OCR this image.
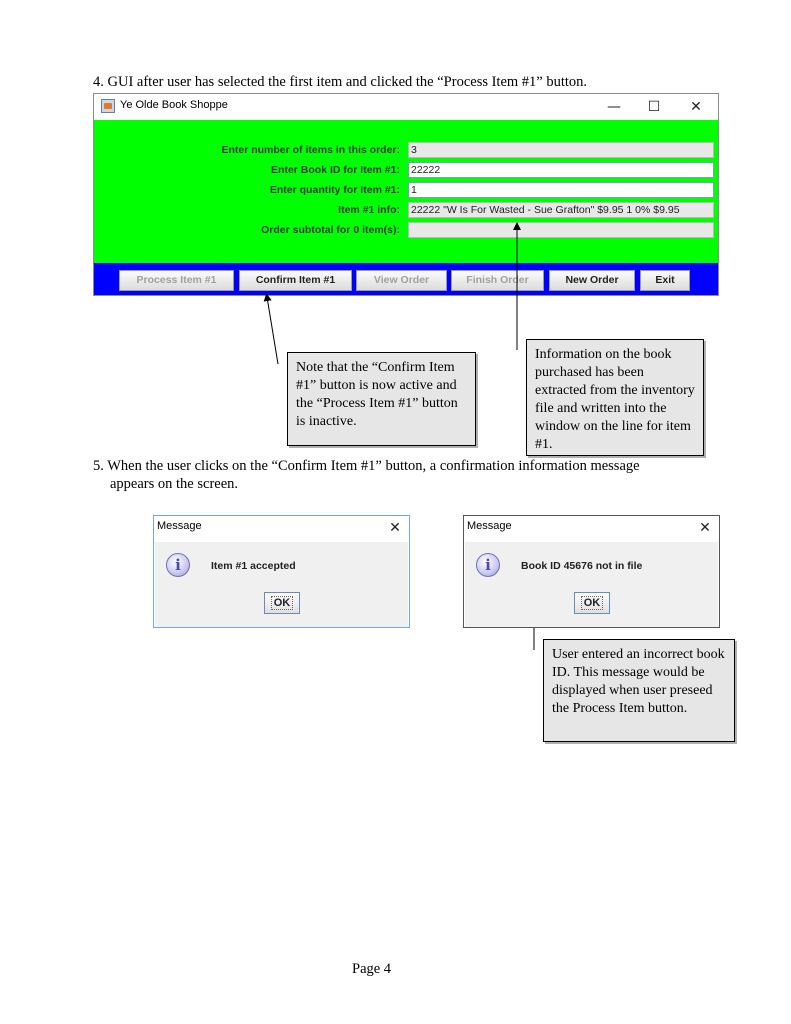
4. GUI after user has selected the first item and clicked the “Process Item #1” button.
Ye Olde Book Shoppe	—	☐	✕
Enter number of items in this order: 3
Enter Book ID for Item #1: 22222
Enter quantity for Item #1: 1
Item #1 info: 22222 "W Is For Wasted - Sue Grafton" $9.95 1 0% $9.95
Order subtotal for 0 item(s):
Process Item #1	Confirm Item #1	View Order	Finish Order	New Order	Exit
Note that the “Confirm Item #1” button is now active and the “Process Item #1” button is inactive.
Information on the book purchased has been extracted from the inventory file and written into the window on the line for item #1.
5. When the user clicks on the “Confirm Item #1” button, a confirmation information message
appears on the screen.
Message	✕
i	Item #1 accepted
OK
Message	✕
i	Book ID 45676 not in file
OK
User entered an incorrect book ID. This message would be displayed when user preseed the Process Item button.
Page 4
